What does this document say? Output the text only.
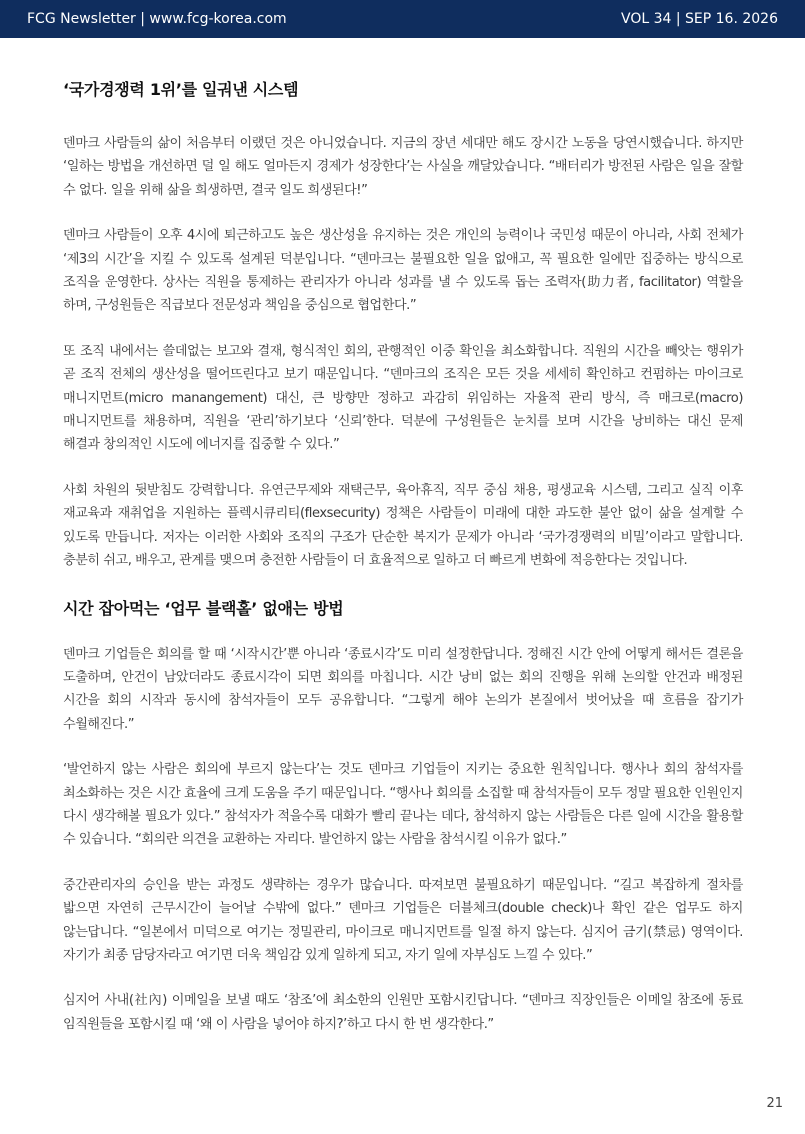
FCG Newsletter | www.fcg-korea.com	VOL 34 | SEP 16. 2026
‘국가경쟁력 1위’를 일궈낸 시스템

덴마크 사람들의 삶이 처음부터 이랬던 것은 아니었습니다. 지금의 장년 세대만 해도 장시간 노동을 당연시했습니다. 하지만 ‘일하는 방법을 개선하면 덜 일 해도 얼마든지 경제가 성장한다’는 사실을 깨달았습니다. “배터리가 방전된 사람은 일을 잘할 수 없다. 일을 위해 삶을 희생하면, 결국 일도 희생된다!”

덴마크 사람들이 오후 4시에 퇴근하고도 높은 생산성을 유지하는 것은 개인의 능력이나 국민성 때문이 아니라, 사회 전체가 ‘제3의 시간’을 지킬 수 있도록 설계된 덕분입니다. “덴마크는 불필요한 일을 없애고, 꼭 필요한 일에만 집중하는 방식으로 조직을 운영한다. 상사는 직원을 통제하는 관리자가 아니라 성과를 낼 수 있도록 돕는 조력자(助力者, facilitator) 역할을 하며, 구성원들은 직급보다 전문성과 책임을 중심으로 협업한다.”

또 조직 내에서는 쓸데없는 보고와 결재, 형식적인 회의, 관행적인 이중 확인을 최소화합니다. 직원의 시간을 빼앗는 행위가 곧 조직 전체의 생산성을 떨어뜨린다고 보기 때문입니다. “덴마크의 조직은 모든 것을 세세히 확인하고 컨펌하는 마이크로 매니지먼트(micro manangement) 대신, 큰 방향만 정하고 과감히 위임하는 자율적 관리 방식, 즉 매크로(macro) 매니지먼트를 채용하며, 직원을 ‘관리’하기보다 ‘신뢰’한다. 덕분에 구성원들은 눈치를 보며 시간을 낭비하는 대신 문제 해결과 창의적인 시도에 에너지를 집중할 수 있다.”

사회 차원의 뒷받침도 강력합니다. 유연근무제와 재택근무, 육아휴직, 직무 중심 채용, 평생교육 시스템, 그리고 실직 이후 재교육과 재취업을 지원하는 플렉시큐리티(flexsecurity) 정책은 사람들이 미래에 대한 과도한 불안 없이 삶을 설계할 수 있도록 만듭니다. 저자는 이러한 사회와 조직의 구조가 단순한 복지가 문제가 아니라 ‘국가경쟁력의 비밀’이라고 말합니다. 충분히 쉬고, 배우고, 관계를 맺으며 충전한 사람들이 더 효율적으로 일하고 더 빠르게 변화에 적응한다는 것입니다.

시간 잡아먹는 ‘업무 블랙홀’ 없애는 방법

덴마크 기업들은 회의를 할 때 ‘시작시간’뿐 아니라 ‘종료시각’도 미리 설정한답니다. 정해진 시간 안에 어떻게 해서든 결론을 도출하며, 안건이 남았더라도 종료시각이 되면 회의를 마칩니다. 시간 낭비 없는 회의 진행을 위해 논의할 안건과 배정된 시간을 회의 시작과 동시에 참석자들이 모두 공유합니다. “그렇게 해야 논의가 본질에서 벗어났을 때 흐름을 잡기가 수월해진다.”

‘발언하지 않는 사람은 회의에 부르지 않는다’는 것도 덴마크 기업들이 지키는 중요한 원칙입니다. 행사나 회의 참석자를 최소화하는 것은 시간 효율에 크게 도움을 주기 때문입니다. “행사나 회의를 소집할 때 참석자들이 모두 정말 필요한 인원인지 다시 생각해볼 필요가 있다.” 참석자가 적을수록 대화가 빨리 끝나는 데다, 참석하지 않는 사람들은 다른 일에 시간을 활용할 수 있습니다. “회의란 의견을 교환하는 자리다. 발언하지 않는 사람을 참석시킬 이유가 없다.”

중간관리자의 승인을 받는 과정도 생략하는 경우가 많습니다. 따져보면 불필요하기 때문입니다. “길고 복잡하게 절차를 밟으면 자연히 근무시간이 늘어날 수밖에 없다.” 덴마크 기업들은 더블체크(double check)나 확인 같은 업무도 하지 않는답니다. “일본에서 미덕으로 여기는 정밀관리, 마이크로 매니지먼트를 일절 하지 않는다. 심지어 금기(禁忌) 영역이다. 자기가 최종 담당자라고 여기면 더욱 책임감 있게 일하게 되고, 자기 일에 자부심도 느낄 수 있다.”

심지어 사내(社內) 이메일을 보낼 때도 ‘참조’에 최소한의 인원만 포함시킨답니다. “덴마크 직장인들은 이메일 참조에 동료 임직원들을 포함시킬 때 ‘왜 이 사람을 넣어야 하지?’하고 다시 한 번 생각한다.”

21
